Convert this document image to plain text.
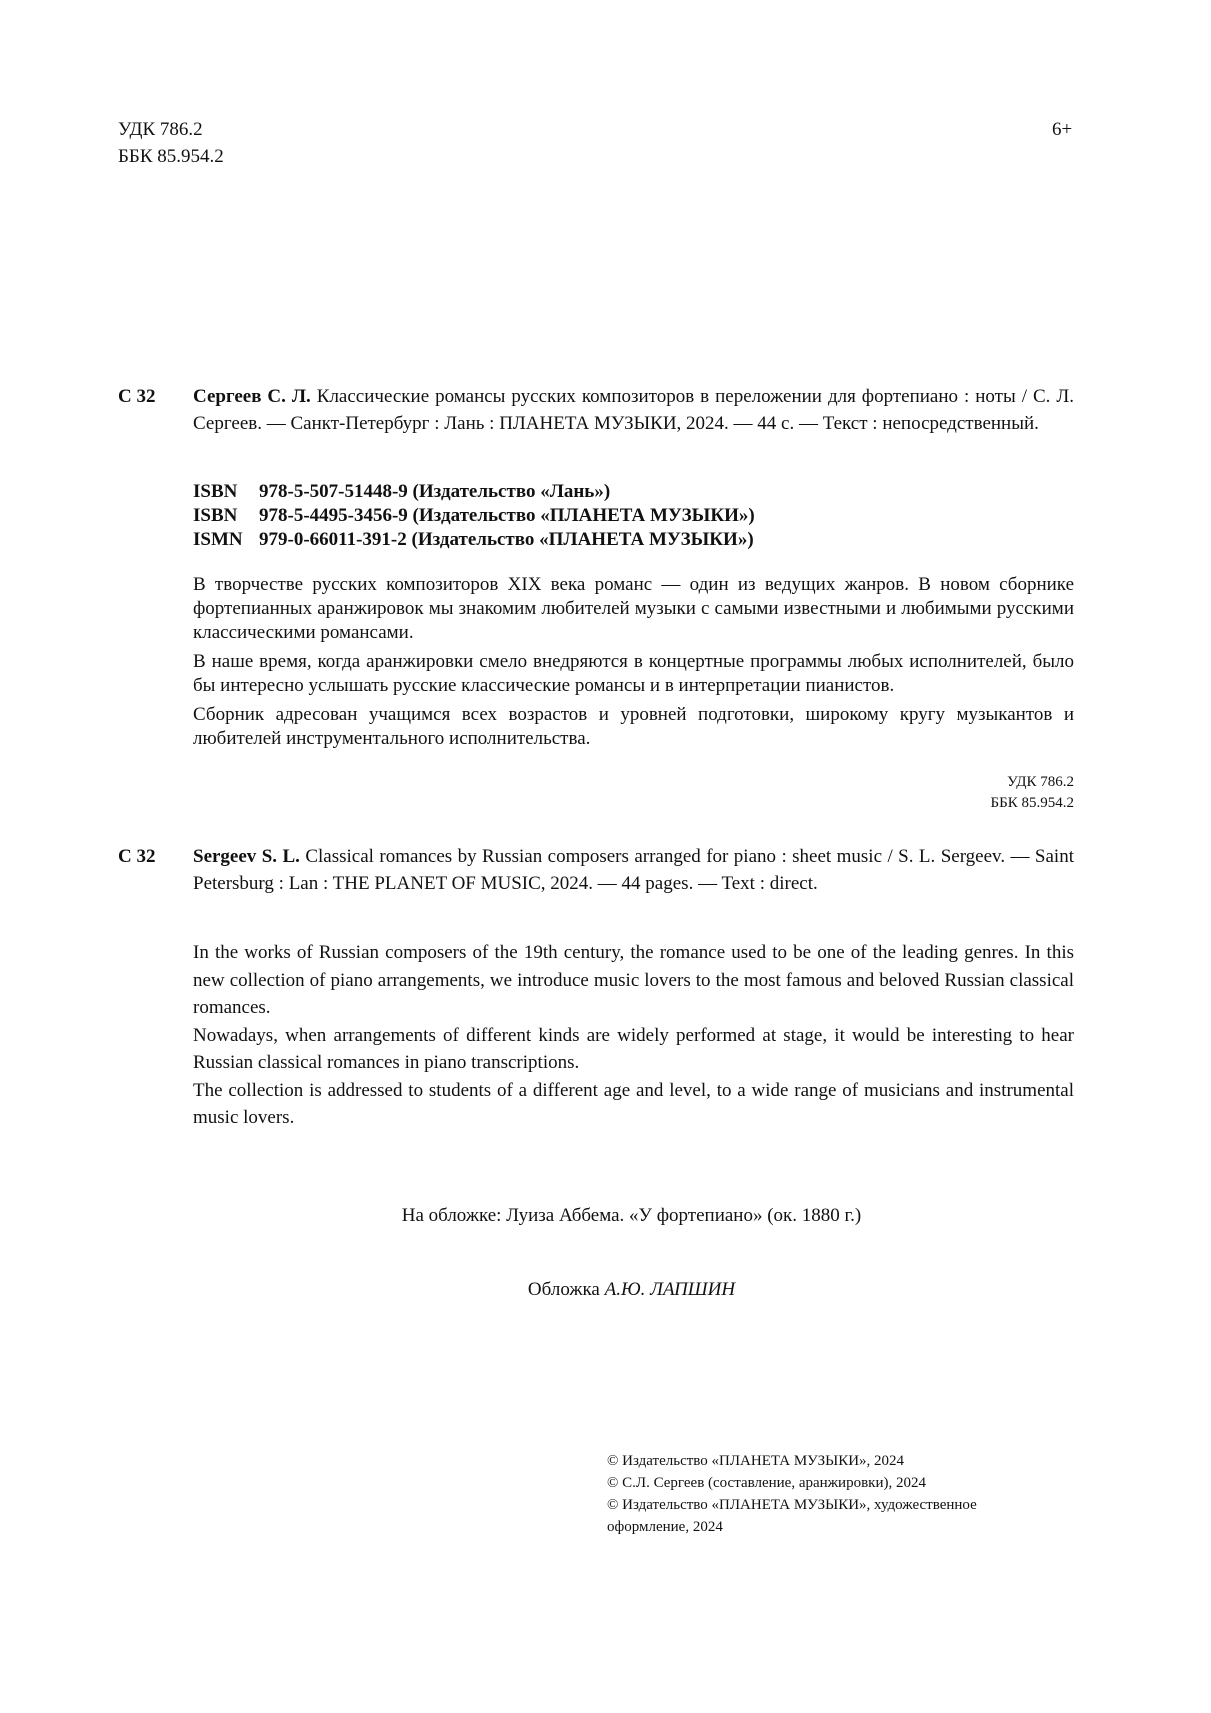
УДК 786.2
ББК 85.954.2
6+
С 32 Сергеев С. Л. Классические романсы русских композиторов в переложении для фортепиано : ноты / С. Л. Сергеев. — Санкт-Петербург : Лань : ПЛАНЕТА МУЗЫКИ, 2024. — 44 с. — Текст : непосредственный.
ISBN 978-5-507-51448-9 (Издательство «Лань»)
ISBN 978-5-4495-3456-9 (Издательство «ПЛАНЕТА МУЗЫКИ»)
ISMN 979-0-66011-391-2 (Издательство «ПЛАНЕТА МУЗЫКИ»)

В творчестве русских композиторов XIX века романс — один из ведущих жанров. В новом сборнике фортепианных аранжировок мы знакомим любителей музыки с самыми известными и любимыми русскими классическими романсами.

В наше время, когда аранжировки смело внедряются в концертные программы любых исполнителей, было бы интересно услышать русские классические романсы и в интерпретации пианистов.

Сборник адресован учащимся всех возрастов и уровней подготовки, широкому кругу музыкантов и любителей инструментального исполнительства.

УДК 786.2
ББК 85.954.2
С 32 Sergeev S. L. Classical romances by Russian composers arranged for piano : sheet music / S. L. Sergeev. — Saint Petersburg : Lan : THE PLANET OF MUSIC, 2024. — 44 pages. — Text : direct.

In the works of Russian composers of the 19th century, the romance used to be one of the leading genres. In this new collection of piano arrangements, we introduce music lovers to the most famous and beloved Russian classical romances.

Nowadays, when arrangements of different kinds are widely performed at stage, it would be interesting to hear Russian classical romances in piano transcriptions.

The collection is addressed to students of a different age and level, to a wide range of musicians and instrumental music lovers.

На обложке: Луиза Аббема. «У фортепиано» (ок. 1880 г.)
Обложка А.Ю. ЛАПШИН
© Издательство «ПЛАНЕТА МУЗЫКИ», 2024
© С.Л. Сергеев (составление, аранжировки), 2024
© Издательство «ПЛАНЕТА МУЗЫКИ», художественное оформление, 2024
